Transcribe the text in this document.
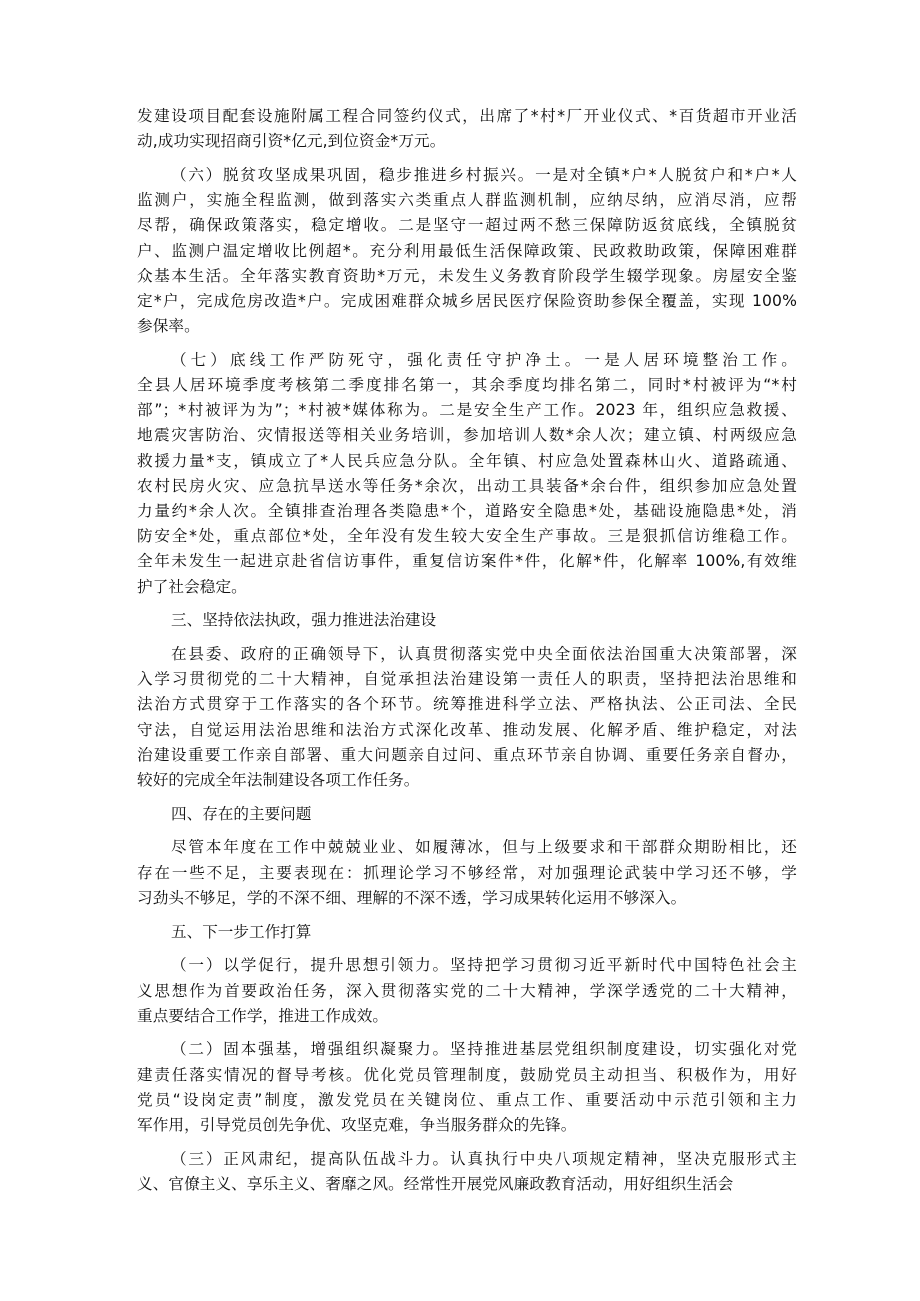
发建设项目配套设施附属工程合同签约仪式，出席了*村*厂开业仪式、*百货超市开业活
动,成功实现招商引资*亿元,到位资金*万元。
（六）脱贫攻坚成果巩固，稳步推进乡村振兴。一是对全镇*户*人脱贫户和*户*人
监测户，实施全程监测，做到落实六类重点人群监测机制，应纳尽纳，应消尽消，应帮
尽帮，确保政策落实，稳定增收。二是坚守一超过两不愁三保障防返贫底线，全镇脱贫
户、监测户温定增收比例超*。充分利用最低生活保障政策、民政救助政策，保障困难群
众基本生活。全年落实教育资助*万元，未发生义务教育阶段学生辍学现象。房屋安全鉴
定*户，完成危房改造*户。完成困难群众城乡居民医疗保险资助参保全覆盖，实现 100%
参保率。
（七）底线工作严防死守，强化责任守护净土。一是人居环境整治工作。
全县人居环境季度考核第二季度排名第一，其余季度均排名第二，同时*村被评为“*村
部”；*村被评为为”；*村被*媒体称为。二是安全生产工作。2023 年，组织应急救援、
地震灾害防治、灾情报送等相关业务培训，参加培训人数*余人次；建立镇、村两级应急
救援力量*支，镇成立了*人民兵应急分队。全年镇、村应急处置森林山火、道路疏通、
农村民房火灾、应急抗旱送水等任务*余次，出动工具装备*余台件，组织参加应急处置
力量约*余人次。全镇排查治理各类隐患*个，道路安全隐患*处，基础设施隐患*处，消
防安全*处，重点部位*处，全年没有发生较大安全生产事故。三是狠抓信访维稳工作。
全年未发生一起进京赴省信访事件，重复信访案件*件，化解*件，化解率 100%,有效维
护了社会稳定。
三、坚持依法执政，强力推进法治建设
在县委、政府的正确领导下，认真贯彻落实党中央全面依法治国重大决策部署，深
入学习贯彻党的二十大精神，自觉承担法治建设第一责任人的职责，坚持把法治思维和
法治方式贯穿于工作落实的各个环节。统筹推进科学立法、严格执法、公正司法、全民
守法，自觉运用法治思维和法治方式深化改革、推动发展、化解矛盾、维护稳定，对法
治建设重要工作亲自部署、重大问题亲自过问、重点环节亲自协调、重要任务亲自督办，
较好的完成全年法制建设各项工作任务。
四、存在的主要问题
尽管本年度在工作中兢兢业业、如履薄冰，但与上级要求和干部群众期盼相比，还
存在一些不足，主要表现在：抓理论学习不够经常，对加强理论武装中学习还不够，学
习劲头不够足，学的不深不细、理解的不深不透，学习成果转化运用不够深入。
五、下一步工作打算
（一）以学促行，提升思想引领力。坚持把学习贯彻习近平新时代中国特色社会主
义思想作为首要政治任务，深入贯彻落实党的二十大精神，学深学透党的二十大精神，
重点要结合工作学，推进工作成效。
（二）固本强基，增强组织凝聚力。坚持推进基层党组织制度建设，切实强化对党
建责任落实情况的督导考核。优化党员管理制度，鼓励党员主动担当、积极作为，用好
党员“设岗定责”制度，激发党员在关键岗位、重点工作、重要活动中示范引领和主力
军作用，引导党员创先争优、攻坚克难，争当服务群众的先锋。
（三）正风肃纪，提高队伍战斗力。认真执行中央八项规定精神，坚决克服形式主
义、官僚主义、享乐主义、奢靡之风。经常性开展党风廉政教育活动，用好组织生活会
